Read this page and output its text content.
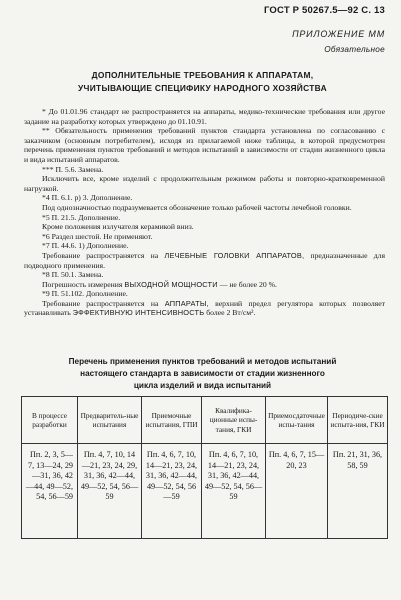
ГОСТ Р 50267.5—92 С. 13
ПРИЛОЖЕНИЕ ММ
Обязательное
ДОПОЛНИТЕЛЬНЫЕ ТРЕБОВАНИЯ К АППАРАТАМ,
УЧИТЫВАЮЩИЕ СПЕЦИФИКУ НАРОДНОГО ХОЗЯЙСТВА

* До 01.01.96 стандарт не распространяется на аппараты, медико-технические требования или другое задание на разработку которых утверждено до 01.10.91.

** Обязательность применения требований пунктов стандарта установлена по согласованию с заказчиком (основным потребителем), исходя из прилагаемой ниже таблицы, в которой предусмотрен перечень применения пунктов требований и методов испытаний в зависимости от стадии жизненного цикла и вида испытаний аппаратов.

*** П. 5.6. Замена.

Исключить все, кроме изделий с продолжительным режимом работы и повторно-кратковременной нагрузкой.

*4 П. 6.1. р) 3. Дополнение.

Под однозначностью подразумевается обозначение только рабочей частоты лечебной головки.

*5 П. 21.5. Дополнение.

Кроме положения излучателя керамикой вниз.

*6 Раздел шестой. Не применяют.

*7 П. 44.6. 1) Дополнение.

Требование распространяется на ЛЕЧЕБНЫЕ ГОЛОВКИ АППАРАТОВ, предназначенные для подводного применения.

*8 П. 50.1. Замена.

Погрешность измерения ВЫХОДНОЙ МОЩНОСТИ — не более 20 %.

*9 П. 51.102. Дополнение.

Требование распространяется на АППАРАТЫ, верхний предел регулятора которых позволяет устанавливать ЭФФЕКТИВНУЮ ИНТЕНСИВНОСТЬ более 2 Вт/см².

Перечень применения пунктов требований и методов испытаний
настоящего стандарта в зависимости от стадии жизненного
цикла изделий и вида испытаний
В процессе разработки	Предваритель-ные испытания	Приемочные испытания, ГПИ	Квалифика-ционные испы-тания, ГКИ	Приемосдаточные испы-тания	Периодиче-ские испыта-ния, ГКИ
Пп. 2, 3, 5—7, 13—24, 29—31, 36, 42—44, 49—52, 54, 56—59	Пп. 4, 7, 10, 14—21, 23, 24, 29, 31, 36, 42—44, 49—52, 54, 56—59	Пп. 4, 6, 7, 10, 14—21, 23, 24, 31, 36, 42—44, 49—52, 54, 56—59	Пп. 4, 6, 7, 10, 14—21, 23, 24, 31, 36, 42—44, 49—52, 54, 56—59	Пп. 4, 6, 7, 15—20, 23	Пп. 21, 31, 36, 58, 59
